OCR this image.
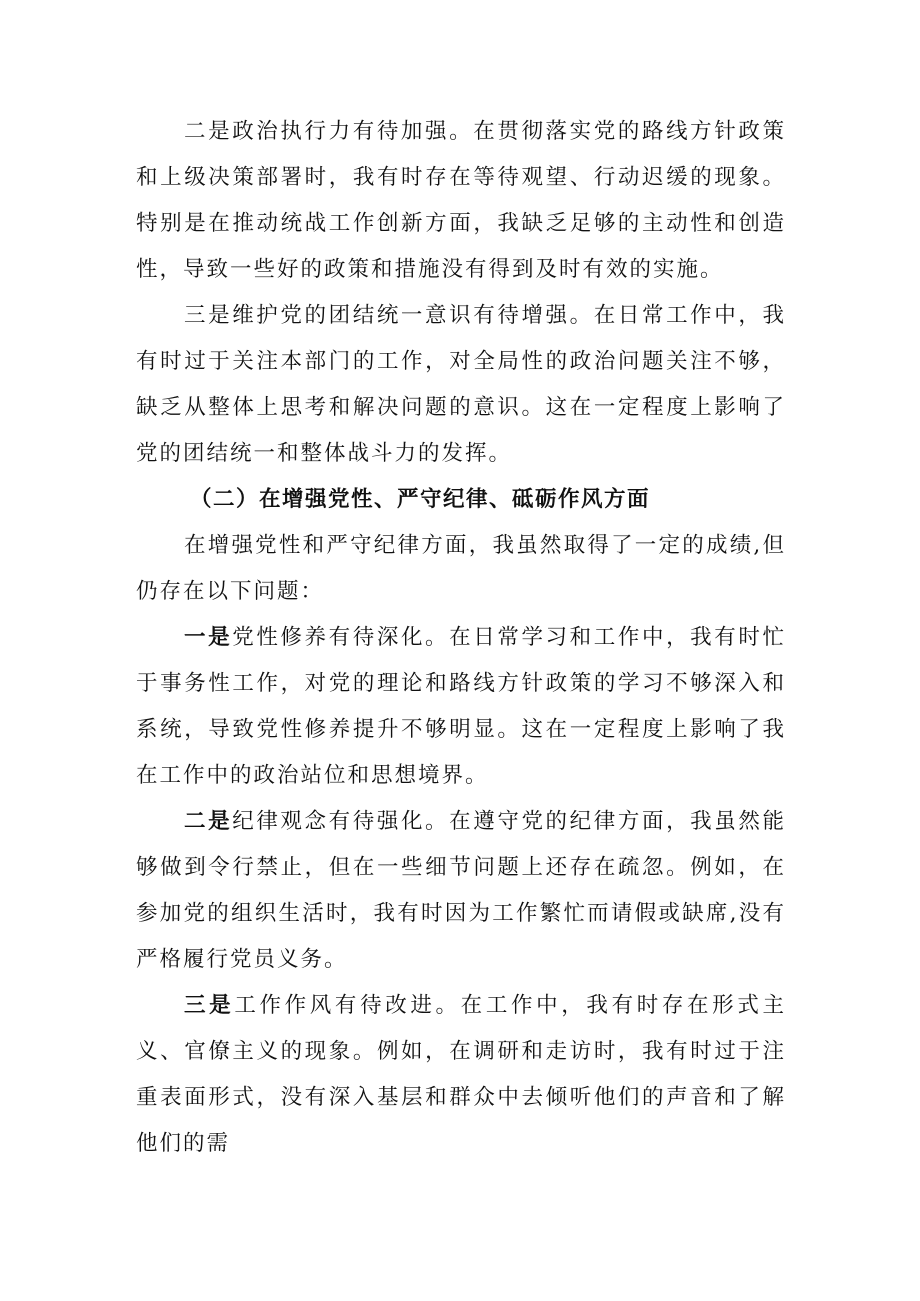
二是政治执行力有待加强。在贯彻落实党的路线方针政策和上级决策部署时，我有时存在等待观望、行动迟缓的现象。特别是在推动统战工作创新方面，我缺乏足够的主动性和创造性，导致一些好的政策和措施没有得到及时有效的实施。

三是维护党的团结统一意识有待增强。在日常工作中，我有时过于关注本部门的工作，对全局性的政治问题关注不够，缺乏从整体上思考和解决问题的意识。这在一定程度上影响了党的团结统一和整体战斗力的发挥。

（二）在增强党性、严守纪律、砥砺作风方面

在增强党性和严守纪律方面，我虽然取得了一定的成绩,但仍存在以下问题：

一是党性修养有待深化。在日常学习和工作中，我有时忙于事务性工作，对党的理论和路线方针政策的学习不够深入和系统，导致党性修养提升不够明显。这在一定程度上影响了我在工作中的政治站位和思想境界。

二是纪律观念有待强化。在遵守党的纪律方面，我虽然能够做到令行禁止，但在一些细节问题上还存在疏忽。例如，在参加党的组织生活时，我有时因为工作繁忙而请假或缺席,没有严格履行党员义务。

三是工作作风有待改进。在工作中，我有时存在形式主义、官僚主义的现象。例如，在调研和走访时，我有时过于注重表面形式，没有深入基层和群众中去倾听他们的声音和了解他们的需
